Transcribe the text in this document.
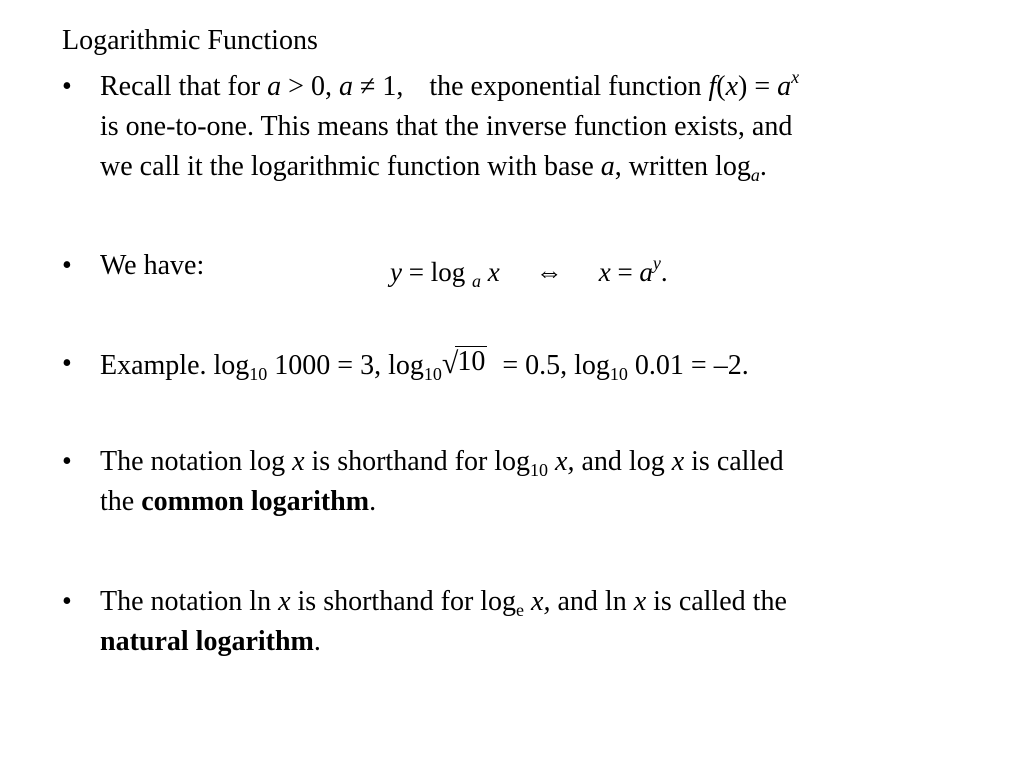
Logarithmic Functions
•	Recall that for a > 0, a ≠ 1, the exponential function $f(x) = a^x$
is one-to-one. This means that the inverse function exists, and
we call it the logarithmic function with base a, written $\log_a$.
•	We have:	y = log $_a$ x ⇔ $x = a^y$.
•	Example. $\log_{10} 1000 = 3$, $\log_{10}√10 = 0.5$, $\log_{10} 0.01 = -2$.
•	The notation log x is shorthand for $\log_{10} x$, and log x is called
the common logarithm.
•	The notation ln x is shorthand for $\log_e x$, and ln x is called the
natural logarithm.
